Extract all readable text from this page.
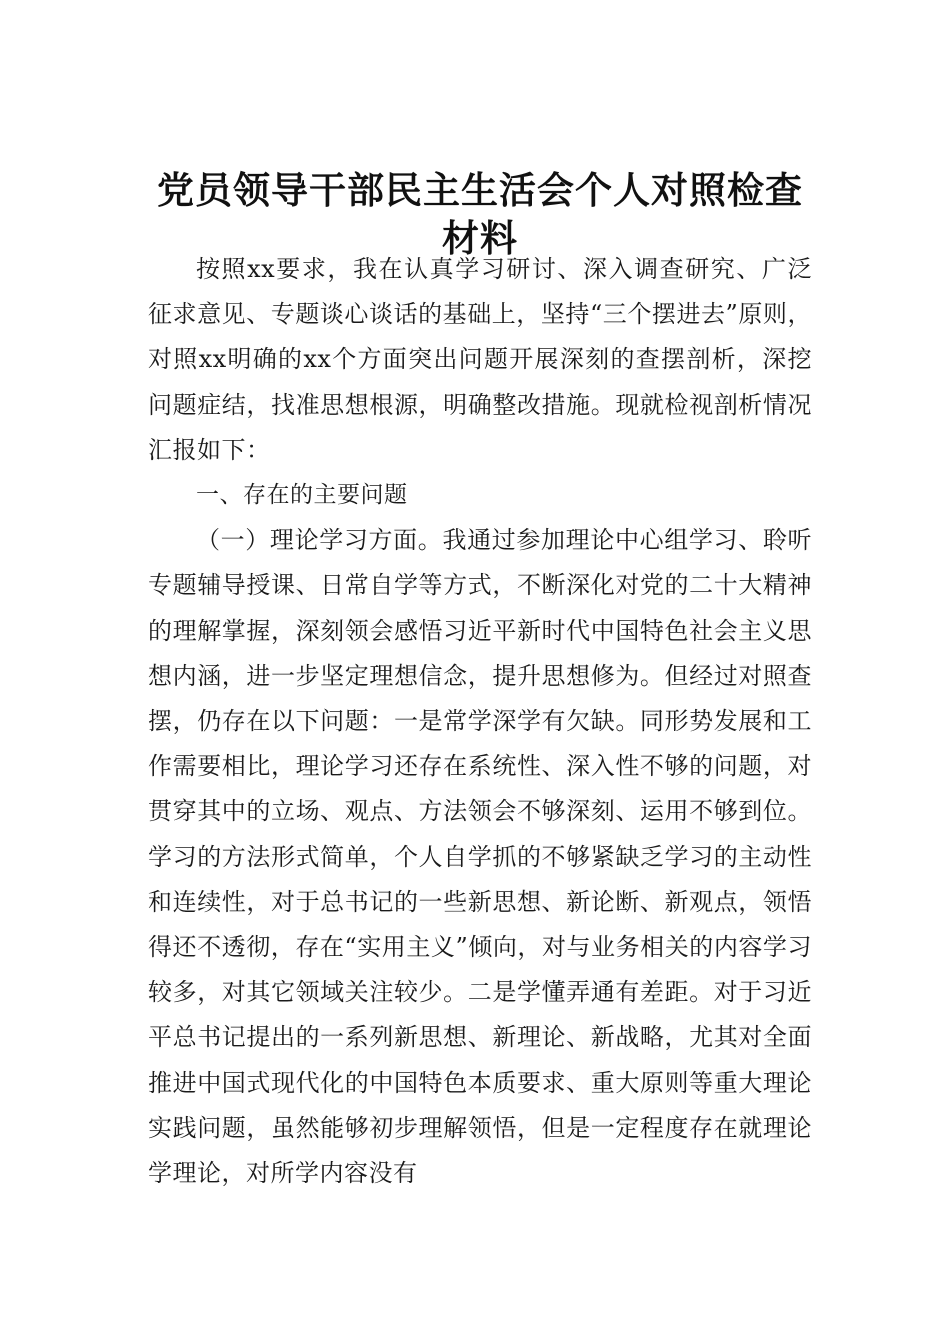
党员领导干部民主生活会个人对照检查材料

按照xx要求，我在认真学习研讨、深入调查研究、广泛征求意见、专题谈心谈话的基础上，坚持“三个摆进去”原则，对照xx明确的xx个方面突出问题开展深刻的查摆剖析，深挖问题症结，找准思想根源，明确整改措施。现就检视剖析情况汇报如下：

一、存在的主要问题

（一）理论学习方面。我通过参加理论中心组学习、聆听专题辅导授课、日常自学等方式，不断深化对党的二十大精神的理解掌握，深刻领会感悟习近平新时代中国特色社会主义思想内涵，进一步坚定理想信念，提升思想修为。但经过对照查摆，仍存在以下问题：一是常学深学有欠缺。同形势发展和工作需要相比，理论学习还存在系统性、深入性不够的问题，对贯穿其中的立场、观点、方法领会不够深刻、运用不够到位。学习的方法形式简单，个人自学抓的不够紧缺乏学习的主动性和连续性，对于总书记的一些新思想、新论断、新观点，领悟得还不透彻，存在“实用主义”倾向，对与业务相关的内容学习较多，对其它领域关注较少。二是学懂弄通有差距。对于习近平总书记提出的一系列新思想、新理论、新战略，尤其对全面推进中国式现代化的中国特色本质要求、重大原则等重大理论实践问题，虽然能够初步理解领悟，但是一定程度存在就理论学理论，对所学内容没有
